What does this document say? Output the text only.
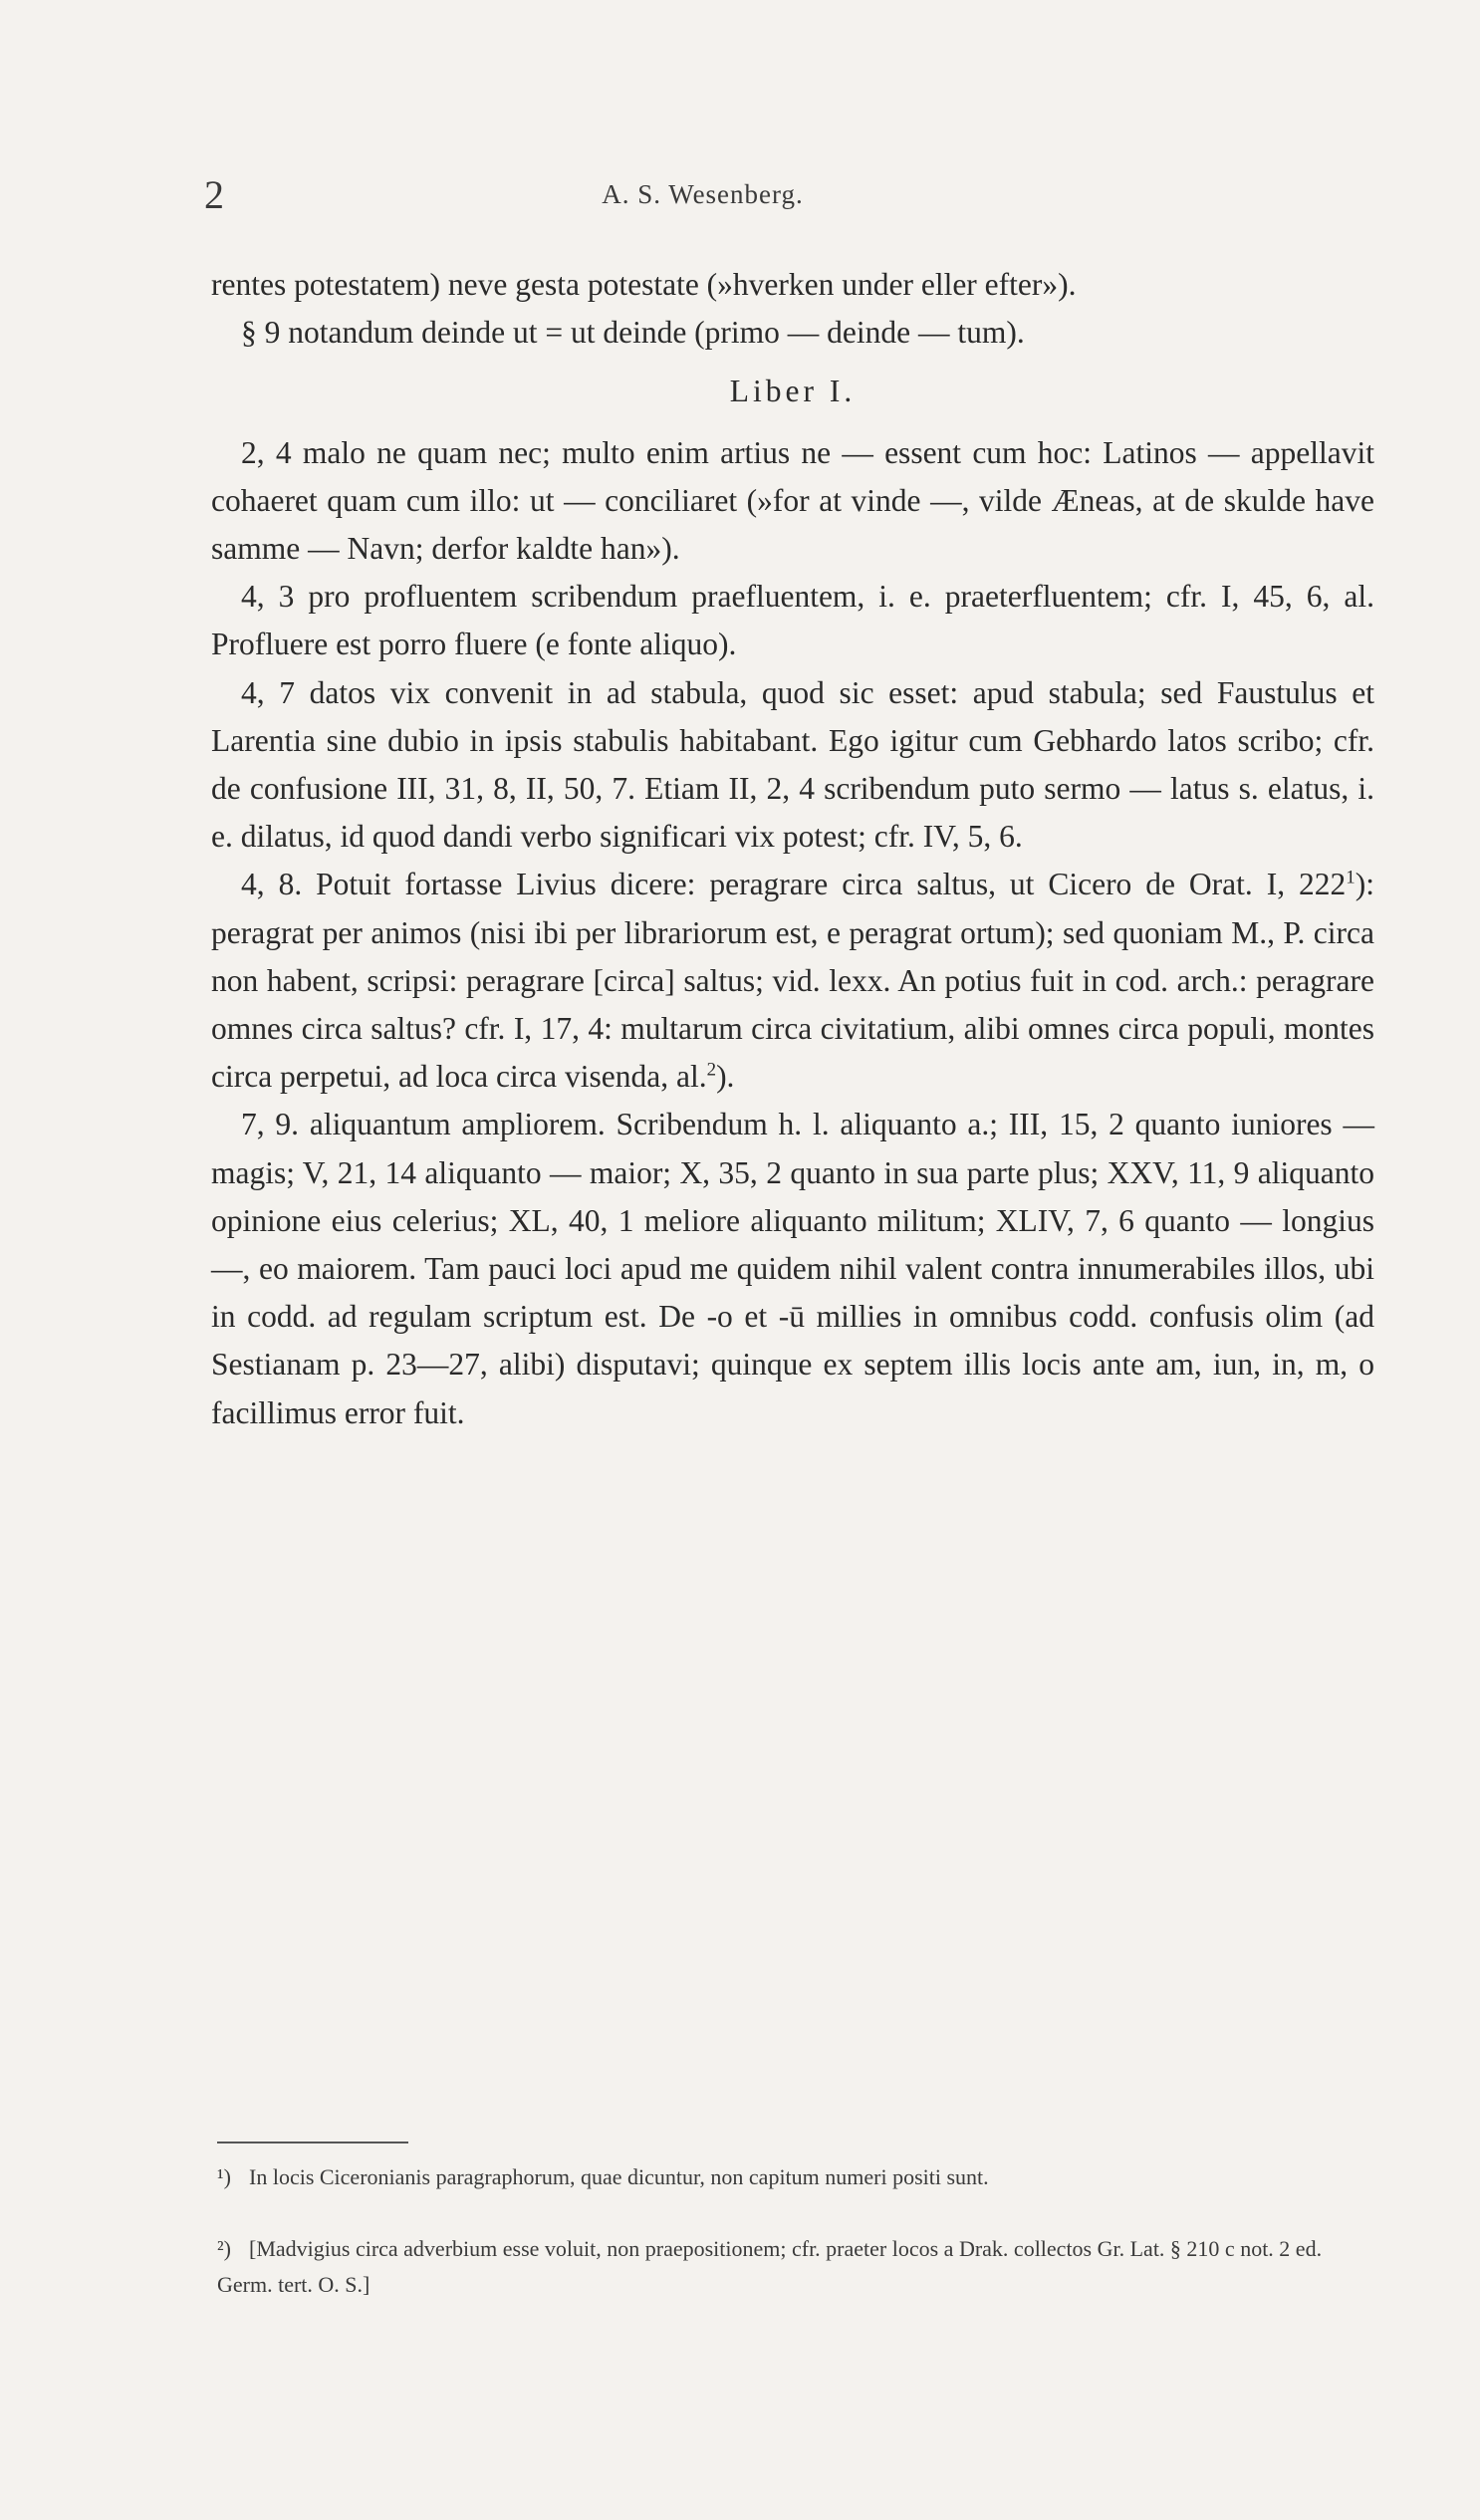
2	A. S. Wesenberg.

rentes potestatem) neve gesta potestate (»hverken under eller efter»).

§ 9 notandum deinde ut = ut deinde (primo — deinde — tum).

Liber I.

2, 4 malo ne quam nec; multo enim artius ne — essent cum hoc: Latinos — appellavit cohaeret quam cum illo: ut — conciliaret (»for at vinde —, vilde Æneas, at de skulde have samme — Navn; derfor kaldte han»).

4, 3 pro profluentem scribendum praefluentem, i. e. praeterfluentem; cfr. I, 45, 6, al. Profluere est porro fluere (e fonte aliquo).

4, 7 datos vix convenit in ad stabula, quod sic esset: apud stabula; sed Faustulus et Larentia sine dubio in ipsis stabulis habitabant. Ego igitur cum Gebhardo latos scribo; cfr. de confusione III, 31, 8, II, 50, 7. Etiam II, 2, 4 scribendum puto sermo — latus s. elatus, i. e. dilatus, id quod dandi verbo significari vix potest; cfr. IV, 5, 6.

4, 8. Potuit fortasse Livius dicere: peragrare circa saltus, ut Cicero de Orat. I, $222^1$): peragrat per animos (nisi ibi per librariorum est, e peragrat ortum); sed quoniam M., P. circa non habent, scripsi: peragrare [circa] saltus; vid. lexx. An potius fuit in cod. arch.: peragrare omnes circa saltus? cfr. I, 17, 4: multarum circa civitatium, alibi omnes circa populi, montes circa perpetui, ad loca circa visenda, al.$^2$).

7, 9. aliquantum ampliorem. Scribendum h. l. aliquanto a.; III, 15, 2 quanto iuniores — magis; V, 21, 14 aliquanto — maior; X, 35, 2 quanto in sua parte plus; XXV, 11, 9 aliquanto opinione eius celerius; XL, 40, 1 meliore aliquanto militum; XLIV, 7, 6 quanto — longius —, eo maiorem. Tam pauci loci apud me quidem nihil valent contra innumerabiles illos, ubi in codd. ad regulam scriptum est. De -o et -ū millies in omnibus codd. confusis olim (ad Sestianam p. 23—27, alibi) disputavi; quinque ex septem illis locis ante am, iun, in, m, o facillimus error fuit.

¹) In locis Ciceronianis paragraphorum, quae dicuntur, non capitum numeri positi sunt.
²) [Madvigius circa adverbium esse voluit, non praepositionem; cfr. praeter locos a Drak. collectos Gr. Lat. § 210 c not. 2 ed. Germ. tert. O. S.]
